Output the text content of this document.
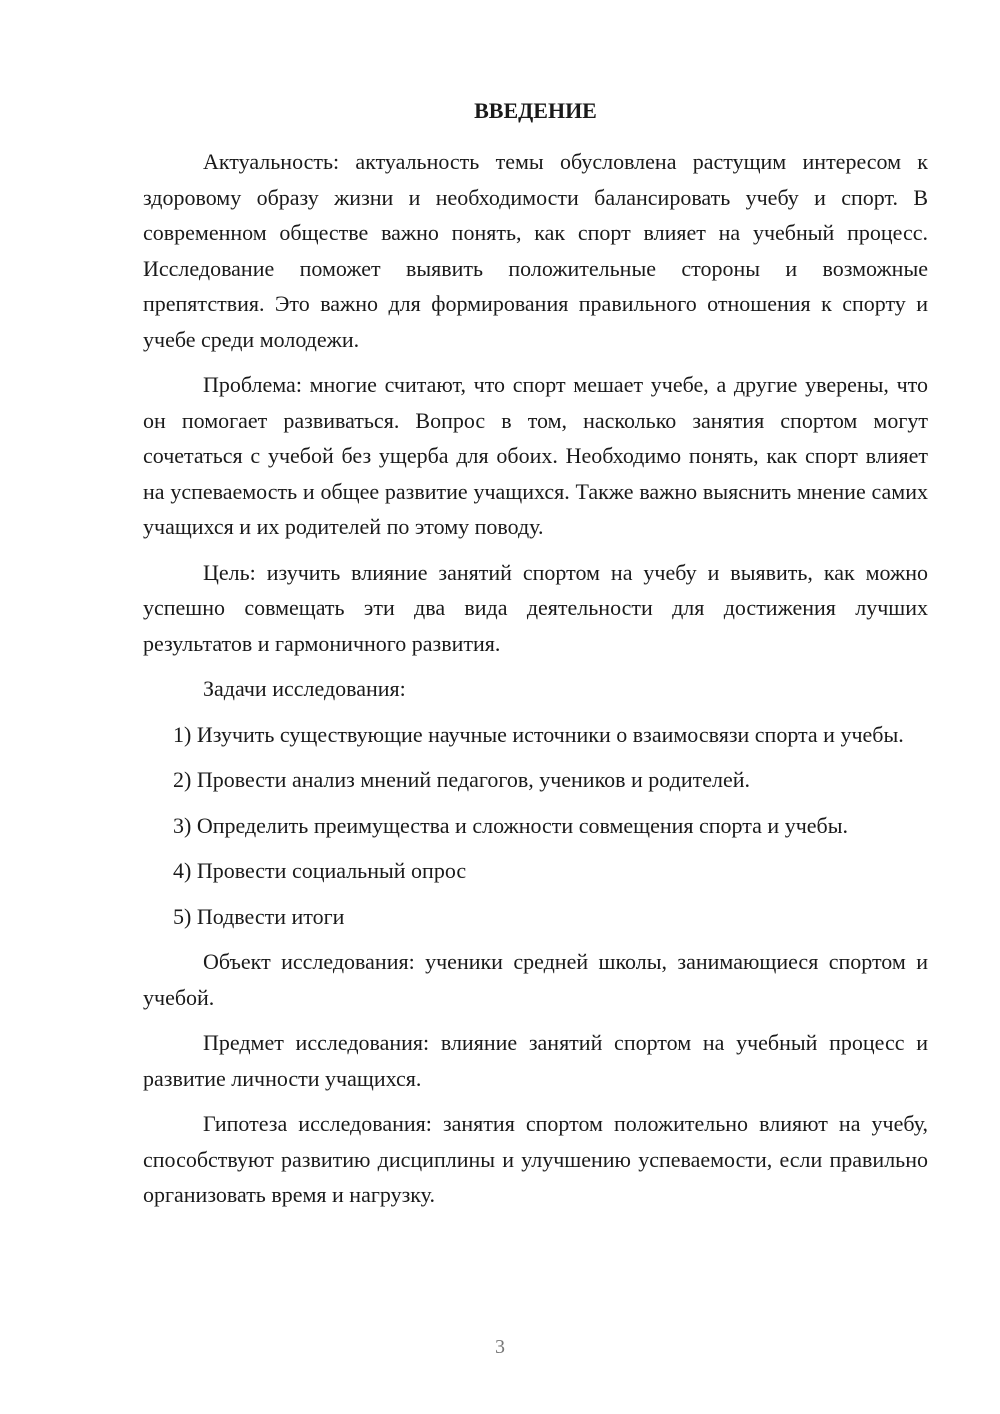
ВВЕДЕНИЕ

Актуальность: актуальность темы обусловлена растущим интересом к здоровому образу жизни и необходимости балансировать учебу и спорт. В современном обществе важно понять, как спорт влияет на учебный процесс. Исследование поможет выявить положительные стороны и возможные препятствия. Это важно для формирования правильного отношения к спорту и учебе среди молодежи.

Проблема: многие считают, что спорт мешает учебе, а другие уверены, что он помогает развиваться. Вопрос в том, насколько занятия спортом могут сочетаться с учебой без ущерба для обоих. Необходимо понять, как спорт влияет на успеваемость и общее развитие учащихся. Также важно выяснить мнение самих учащихся и их родителей по этому поводу.

Цель: изучить влияние занятий спортом на учебу и выявить, как можно успешно совмещать эти два вида деятельности для достижения лучших результатов и гармоничного развития.

Задачи исследования:

1) Изучить существующие научные источники о взаимосвязи спорта и учебы.

2) Провести анализ мнений педагогов, учеников и родителей.

3) Определить преимущества и сложности совмещения спорта и учебы.

4) Провести социальный опрос

5) Подвести итоги

Объект исследования: ученики средней школы, занимающиеся спортом и учебой.

Предмет исследования: влияние занятий спортом на учебный процесс и развитие личности учащихся.

Гипотеза исследования: занятия спортом положительно влияют на учебу, способствуют развитию дисциплины и улучшению успеваемости, если правильно организовать время и нагрузку.

3
